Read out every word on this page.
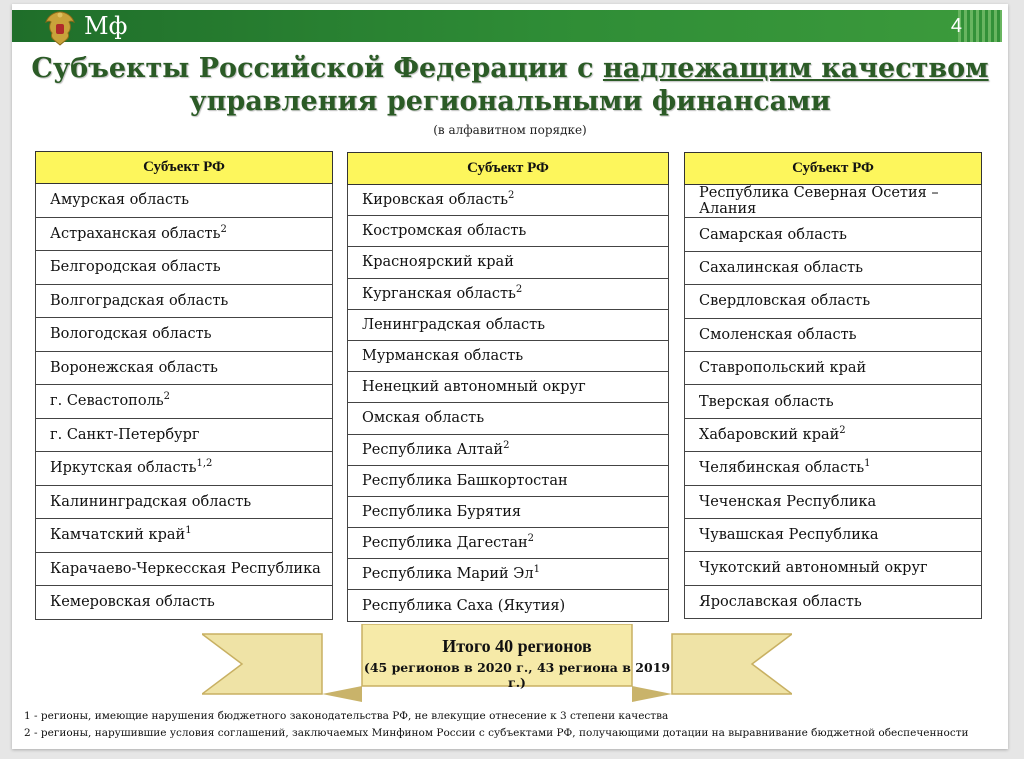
Мф	4
Субъекты Российской Федерации с надлежащим качеством
управления региональными финансами
(в алфавитном порядке)
Субъект РФ
Амурская область
Астраханская область$^2$
Белгородская область
Волгоградская область
Вологодская область
Воронежская область
г. Севастополь$^2$
г. Санкт-Петербург
Иркутская область$^{1,2}$
Калининградская область
Камчатский край$^1$
Карачаево-Черкесская Республика
Кемеровская область
Субъект РФ
Кировская область$^2$
Костромская область
Красноярский край
Курганская область$^2$
Ленинградская область
Мурманская область
Ненецкий автономный округ
Омская область
Республика Алтай$^2$
Республика Башкортостан
Республика Бурятия
Республика Дагестан$^2$
Республика Марий $Эл^1$
Республика Саха (Якутия)
Субъект РФ
Республика Северная Осетия – Алания
Самарская область
Сахалинская область
Свердловская область
Смоленская область
Ставропольский край
Тверская область
Хабаровский край$^2$
Челябинская область$^1$
Чеченская Республика
Чувашская Республика
Чукотский автономный округ
Ярославская область
Итого 40 регионов
(45 регионов в 2020 г., 43 региона в 2019 г.)
1 - регионы, имеющие нарушения бюджетного законодательства РФ, не влекущие отнесение к 3 степени качества
2 - регионы, нарушившие условия соглашений, заключаемых Минфином России с субъектами РФ, получающими дотации на выравнивание бюджетной обеспеченности
